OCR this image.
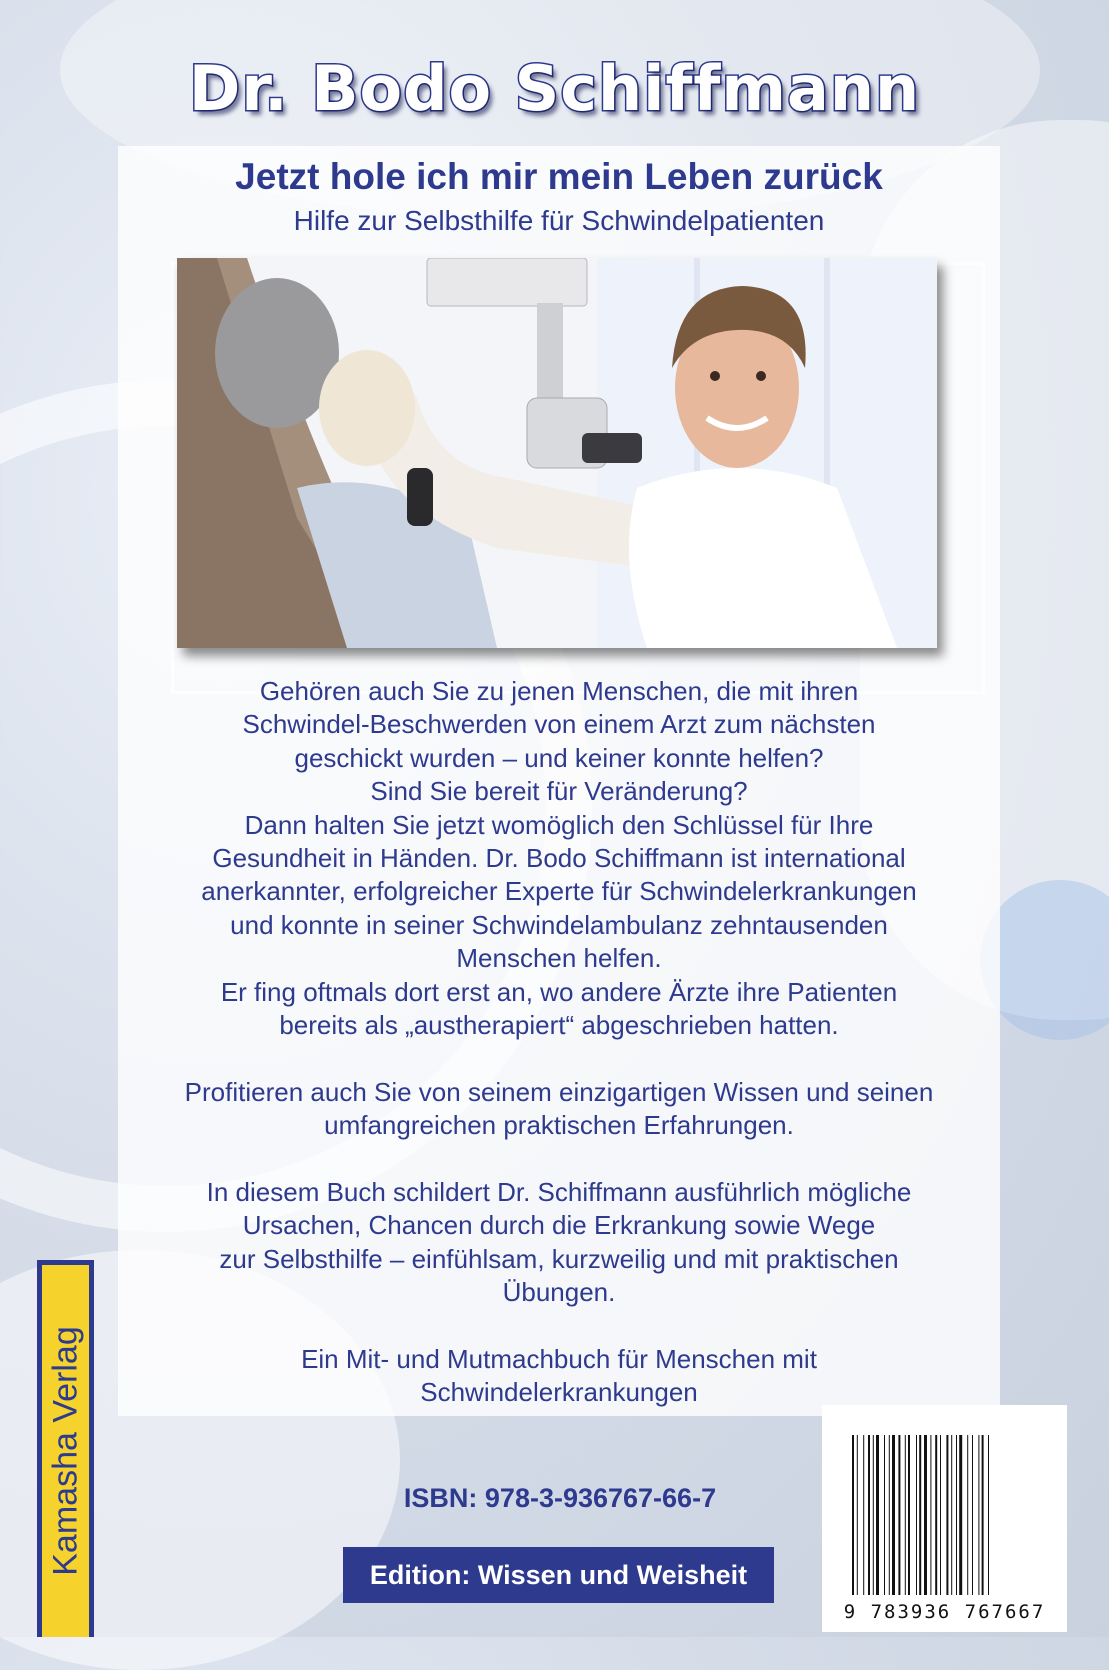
Dr. Bodo Schiffmann
Jetzt hole ich mir mein Leben zurück
Hilfe zur Selbsthilfe für Schwindelpatienten

Gehören auch Sie zu jenen Menschen, die mit ihren
Schwindel-Beschwerden von einem Arzt zum nächsten
geschickt wurden – und keiner konnte helfen?
Sind Sie bereit für Veränderung?
Dann halten Sie jetzt womöglich den Schlüssel für Ihre
Gesundheit in Händen. Dr. Bodo Schiffmann ist international
anerkannter, erfolgreicher Experte für Schwindelerkrankungen
und konnte in seiner Schwindelambulanz zehntausenden
Menschen helfen.
Er fing oftmals dort erst an, wo andere Ärzte ihre Patienten
bereits als „austherapiert“ abgeschrieben hatten.

Profitieren auch Sie von seinem einzigartigen Wissen und seinen
umfangreichen praktischen Erfahrungen.

In diesem Buch schildert Dr. Schiffmann ausführlich mögliche
Ursachen, Chancen durch die Erkrankung sowie Wege
zur Selbsthilfe – einfühlsam, kurzweilig und mit praktischen
Übungen.

Ein Mit- und Mutmachbuch für Menschen mit
Schwindelerkrankungen

ISBN: 978-3-936767-66-7
Edition: Wissen und Weisheit
Kamasha Verlag
9 783936 767667
